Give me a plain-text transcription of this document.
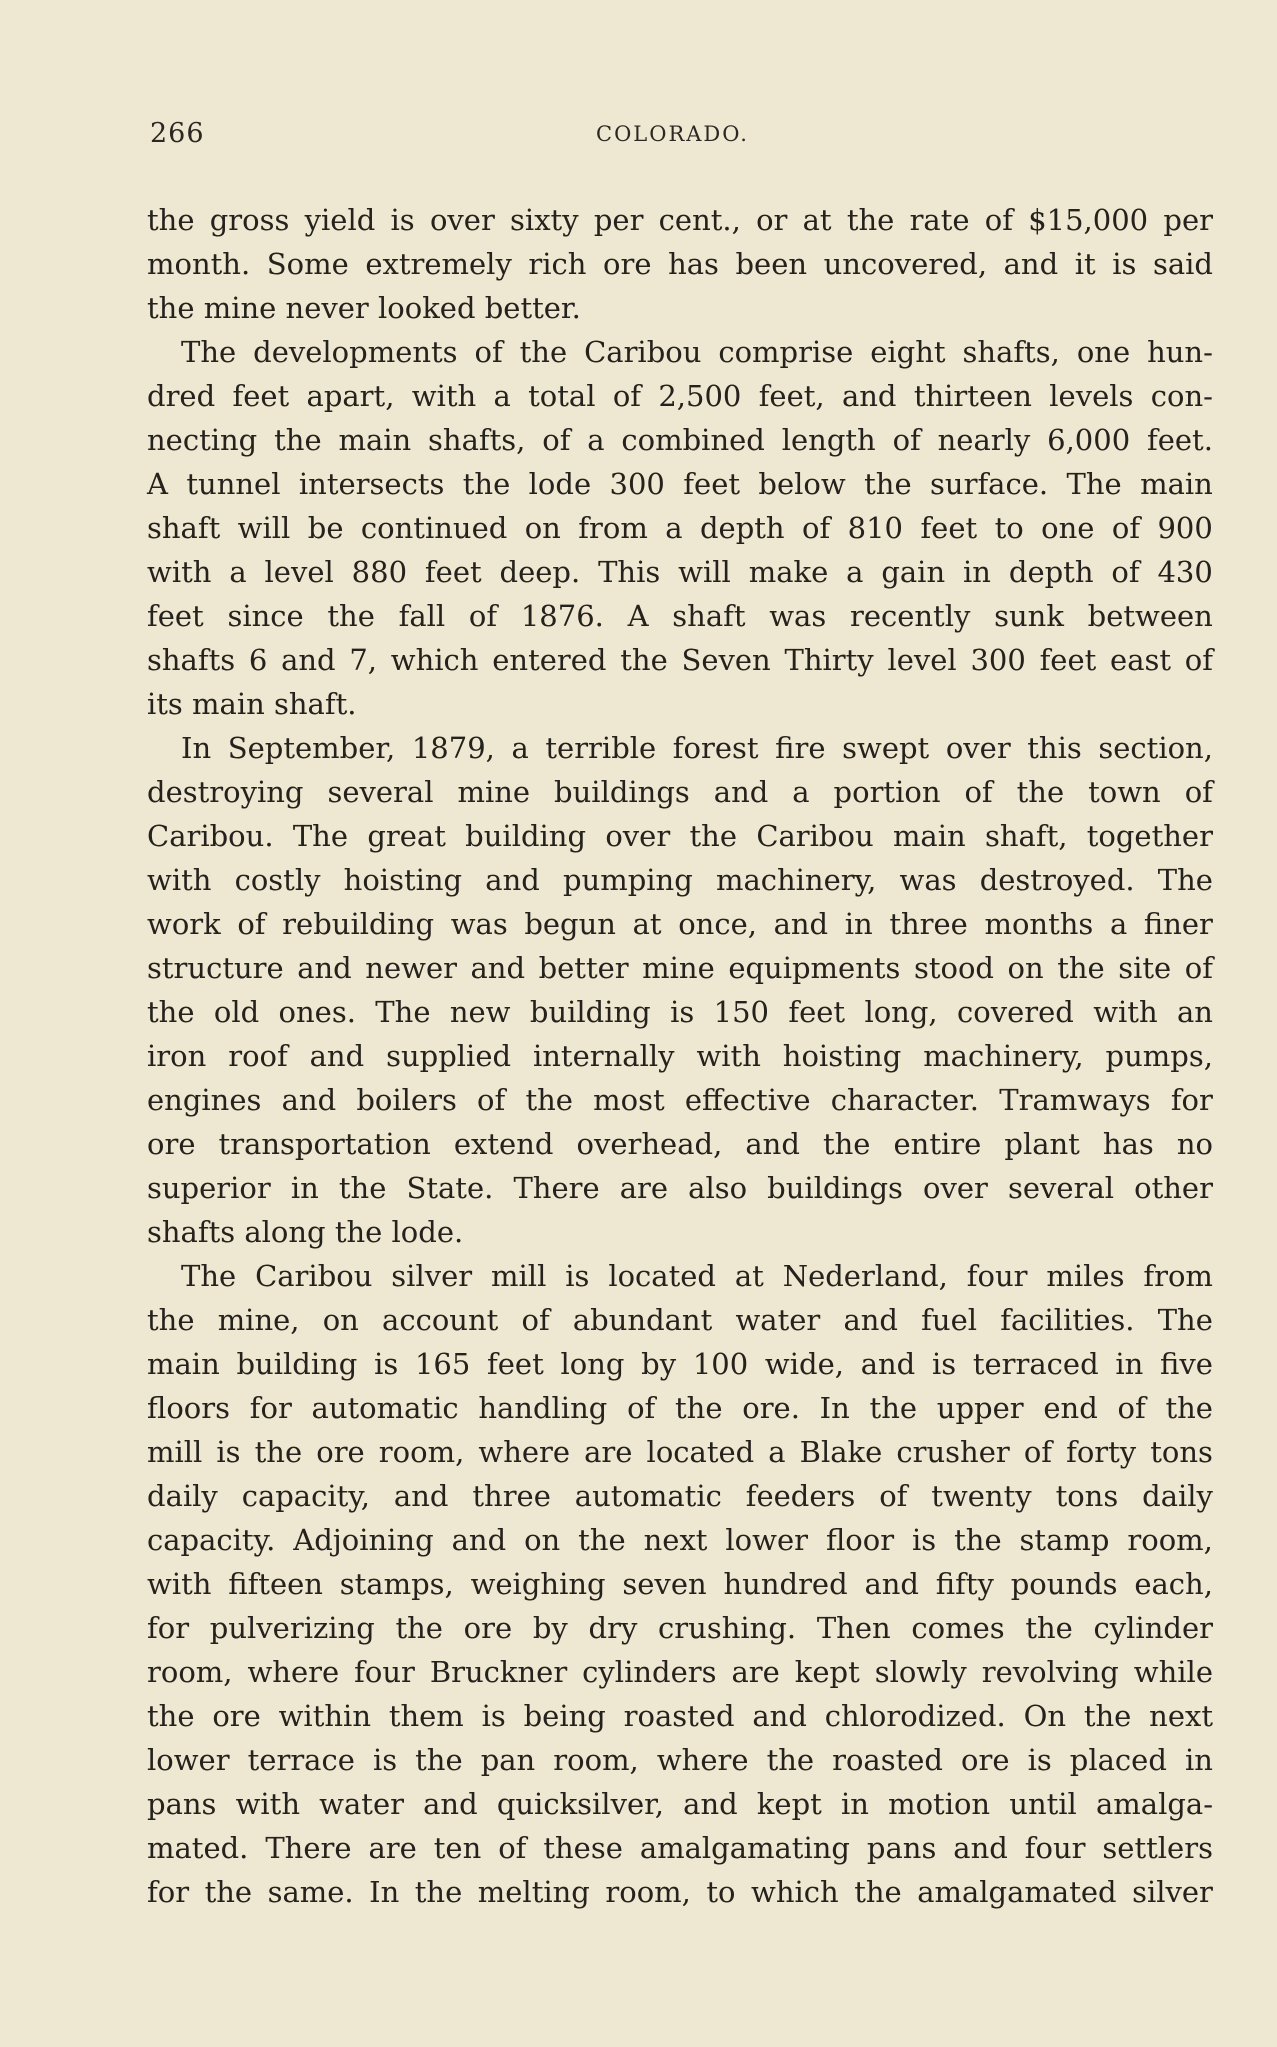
266	COLORADO.
the gross yield is over sixty per cent., or at the rate of $15,000 per
month. Some extremely rich ore has been uncovered, and it is said
the mine never looked better.
The developments of the Caribou comprise eight shafts, one hun-
dred feet apart, with a total of 2,500 feet, and thirteen levels con-
necting the main shafts, of a combined length of nearly 6,000 feet.
A tunnel intersects the lode 300 feet below the surface. The main
shaft will be continued on from a depth of 810 feet to one of 900
with a level 880 feet deep. This will make a gain in depth of 430
feet since the fall of 1876. A shaft was recently sunk between
shafts 6 and 7, which entered the Seven Thirty level 300 feet east of
its main shaft.
In September, 1879, a terrible forest fire swept over this section,
destroying several mine buildings and a portion of the town of
Caribou. The great building over the Caribou main shaft, together
with costly hoisting and pumping machinery, was destroyed. The
work of rebuilding was begun at once, and in three months a finer
structure and newer and better mine equipments stood on the site of
the old ones. The new building is 150 feet long, covered with an
iron roof and supplied internally with hoisting machinery, pumps,
engines and boilers of the most effective character. Tramways for
ore transportation extend overhead, and the entire plant has no
superior in the State. There are also buildings over several other
shafts along the lode.
The Caribou silver mill is located at Nederland, four miles from
the mine, on account of abundant water and fuel facilities. The
main building is 165 feet long by 100 wide, and is terraced in five
floors for automatic handling of the ore. In the upper end of the
mill is the ore room, where are located a Blake crusher of forty tons
daily capacity, and three automatic feeders of twenty tons daily
capacity. Adjoining and on the next lower floor is the stamp room,
with fifteen stamps, weighing seven hundred and fifty pounds each,
for pulverizing the ore by dry crushing. Then comes the cylinder
room, where four Bruckner cylinders are kept slowly revolving while
the ore within them is being roasted and chlorodized. On the next
lower terrace is the pan room, where the roasted ore is placed in
pans with water and quicksilver, and kept in motion until amalga-
mated. There are ten of these amalgamating pans and four settlers
for the same. In the melting room, to which the amalgamated silver
